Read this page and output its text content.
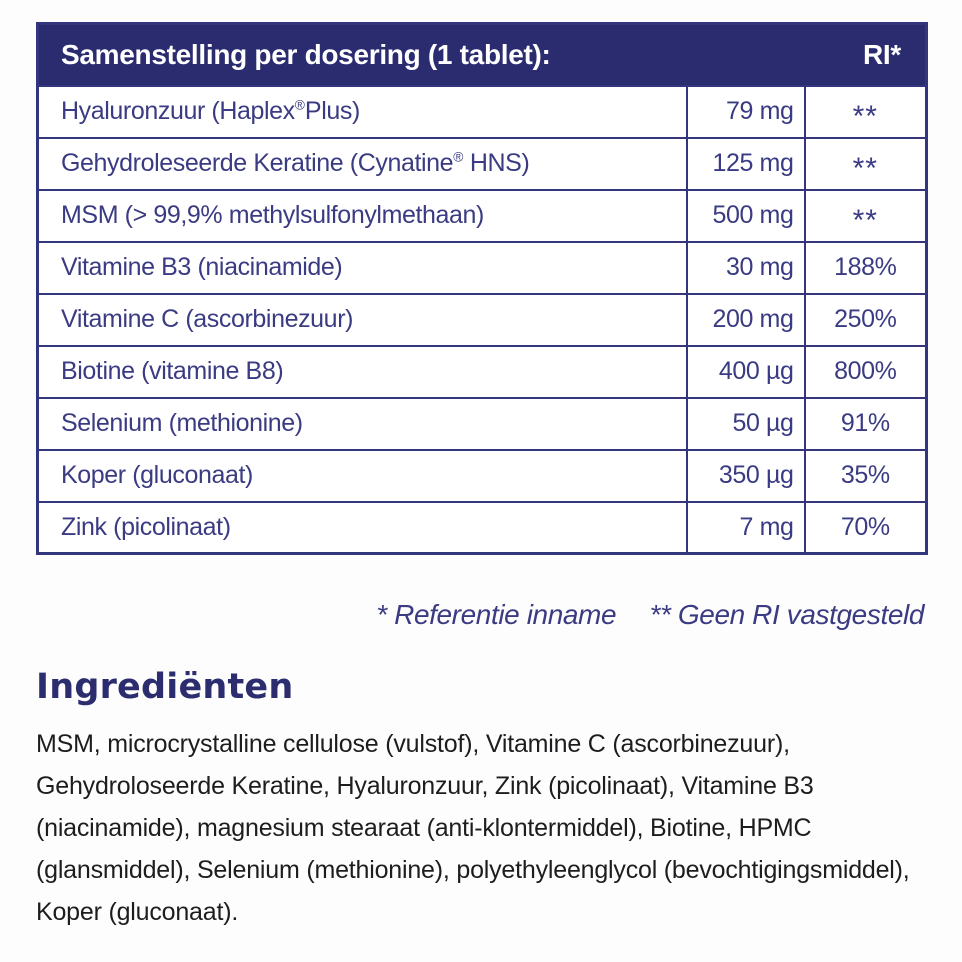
Samenstelling per dosering (1 tablet):		RI*
Hyaluronzuur (Haplex®Plus)	79 mg	**
Gehydroleseerde Keratine (Cynatine® HNS)	125 mg	**
MSM (> 99,9% methylsulfonylmethaan)	500 mg	**
Vitamine B3 (niacinamide)	30 mg	188%
Vitamine C (ascorbinezuur)	200 mg	250%
Biotine (vitamine B8)	400 µg	800%
Selenium (methionine)	50 µg	91%
Koper (gluconaat)	350 µg	35%
Zink (picolinaat)	7 mg	70%
* Referentie inname ** Geen RI vastgesteld
Ingrediënten

MSM, microcrystalline cellulose (vulstof), Vitamine C (ascorbinezuur), Gehydroloseerde Keratine, Hyaluronzuur, Zink (picolinaat), Vitamine B3 (niacinamide), magnesium stearaat (anti-klontermiddel), Biotine, HPMC (glansmiddel), Selenium (methionine), polyethyleenglycol (bevochtigingsmiddel), Koper (gluconaat).
